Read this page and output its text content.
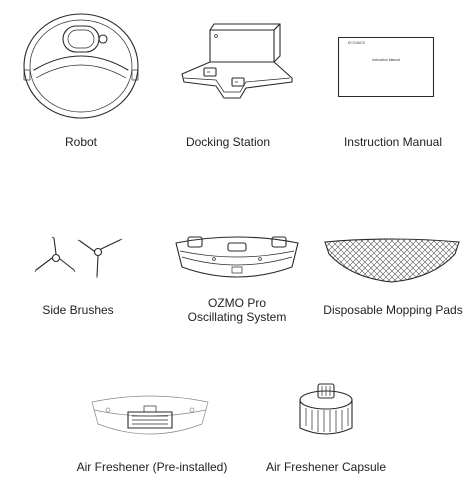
Robot	Docking Station
ECOVACS
Instruction Manual
Instruction Manual
Side Brushes	OZMO Pro
Oscillating System	Disposable Mopping Pads
Air Freshener (Pre-installed)	Air Freshener Capsule
